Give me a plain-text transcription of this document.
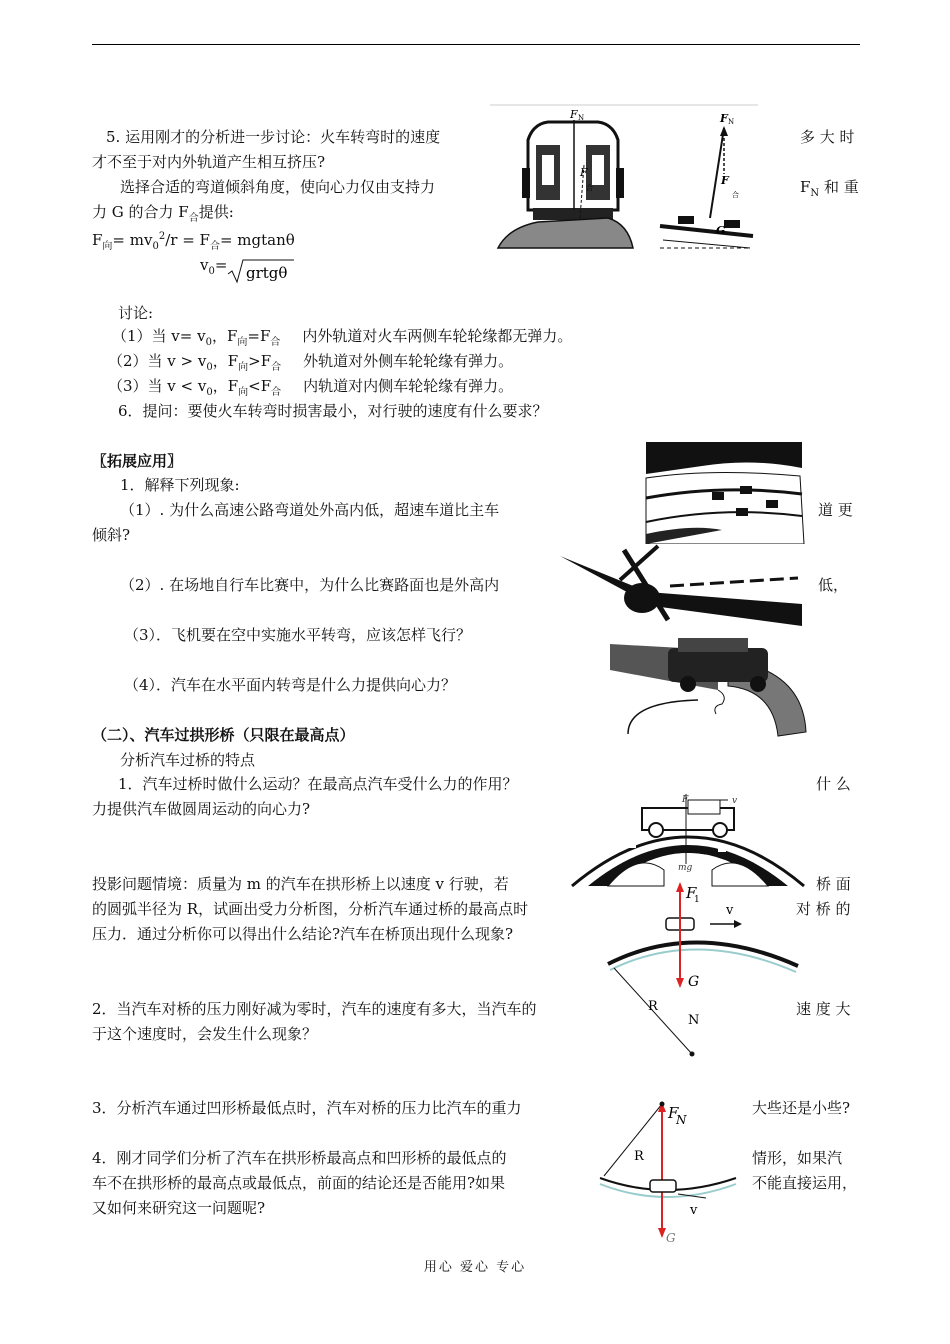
5. 运用刚才的分析进一步讨论：火车转弯时的速度	多 大 时
才不至于对内外轨道产生相互挤压?
选择合适的弯道倾斜角度，使向心力仅由支持力	$F_N$ 和 重
力 G 的合力 $F_合$提供:
$F_向= mv_0^2/r = F_合= mgtan\theta$
$v_0=$ grtgθ
讨论:
（1）当 $v= v_0$，$F_向=F_合$ 内外轨道对火车两侧车轮轮缘都无弹力。
（2）当 $v > v_0$，$F_向>F_合$ 外轨道对外侧车轮轮缘有弹力。
（3）当 $v < v_0$，$F_向<F_合$ 内轨道对内侧车轮轮缘有弹力。
6．提问：要使火车转弯时损害最小，对行驶的速度有什么要求？
〖拓展应用〗
1．解释下列现象:
（1）. 为什么高速公路弯道处外高内低，超速车道比主车	道 更
倾斜?
（2）. 在场地自行车比赛中，为什么比赛路面也是外高内	低，
（3）．飞机要在空中实施水平转弯，应该怎样飞行？
（4）．汽车在水平面内转弯是什么力提供向心力？
（二）、汽车过拱形桥（只限在最高点）
分析汽车过桥的特点
1．汽车过桥时做什么运动？在最高点汽车受什么力的作用？	什 么
力提供汽车做圆周运动的向心力?
投影问题情境：质量为 m 的汽车在拱形桥上以速度 v 行驶，若	桥 面
的圆弧半径为 R，试画出受力分析图，分析汽车通过桥的最高点时	对 桥 的
压力．通过分析你可以得出什么结论?汽车在桥顶出现什么现象?
2．当汽车对桥的压力刚好减为零时，汽车的速度有多大，当汽车的	速 度 大
于这个速度时，会发生什么现象？
3．分析汽车通过凹形桥最低点时，汽车对桥的压力比汽车的重力	大些还是小些?
4．刚才同学们分析了汽车在拱形桥最高点和凹形桥的最低点的	情形，如果汽
车不在拱形桥的最高点或最低点，前面的结论还是否能用?如果	不能直接运用，
又如何来研究这一问题呢?
F N
F
合
F N
F
合
G
F	v
mg
F
1
v
G
R
N
F
N
R
v
G
用心 爱心 专心
